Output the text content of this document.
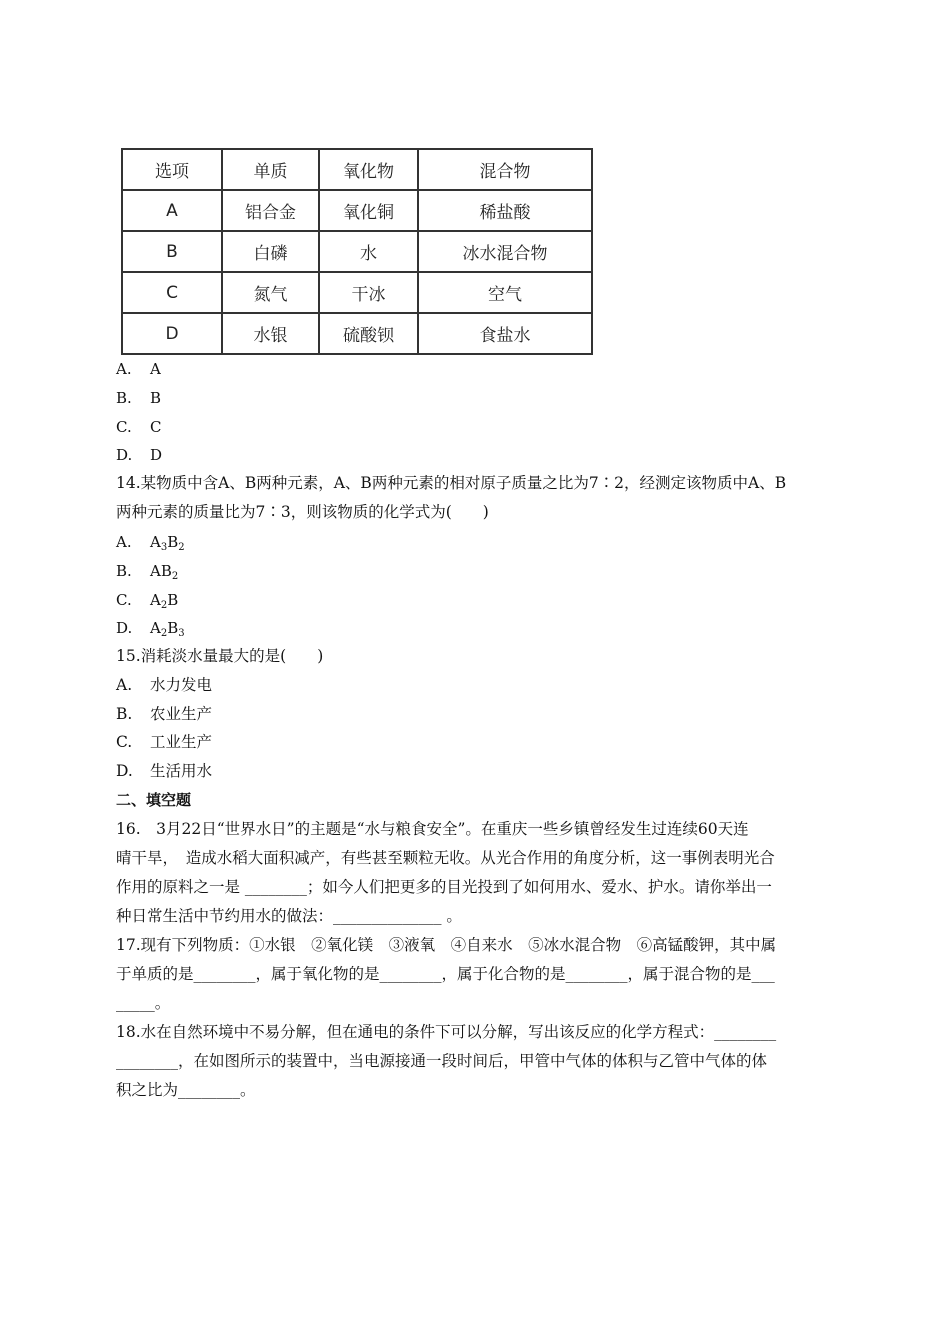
选项	单质	氧化物	混合物
A	铝合金	氧化铜	稀盐酸
B	白磷	水	冰水混合物
C	氮气	干冰	空气
D	水银	硫酸钡	食盐水
A. A
B. B
C. C
D. D
14.某物质中含A、B两种元素，A、B两种元素的相对原子质量之比为7∶2，经测定该物质中A、B
两种元素的质量比为7∶3，则该物质的化学式为(　　)
A. $A_3B_2$
B. $AB_2$
C. $A_2B$
D. $A_2B_3$
15.消耗淡水量最大的是(　　)
A. 水力发电
B. 农业生产
C. 工业生产
D. 生活用水
二、填空题
16.　3月22日“世界水日”的主题是“水与粮食安全”。在重庆一些乡镇曾经发生过连续60天连
晴干旱，　造成水稻大面积减产，有些甚至颗粒无收。从光合作用的角度分析，这一事例表明光合
作用的原料之一是 ________；如今人们把更多的目光投到了如何用水、爱水、护水。请你举出一
种日常生活中节约用水的做法：______________ 。
17.现有下列物质：①水银　②氧化镁　③液氧　④自来水　⑤冰水混合物　⑥高锰酸钾，其中属
于单质的是________，属于氧化物的是________，属于化合物的是________，属于混合物的是___
_____。
18.水在自然环境中不易分解，但在通电的条件下可以分解，写出该反应的化学方程式：________
________，在如图所示的装置中，当电源接通一段时间后，甲管中气体的体积与乙管中气体的体
积之比为________。
